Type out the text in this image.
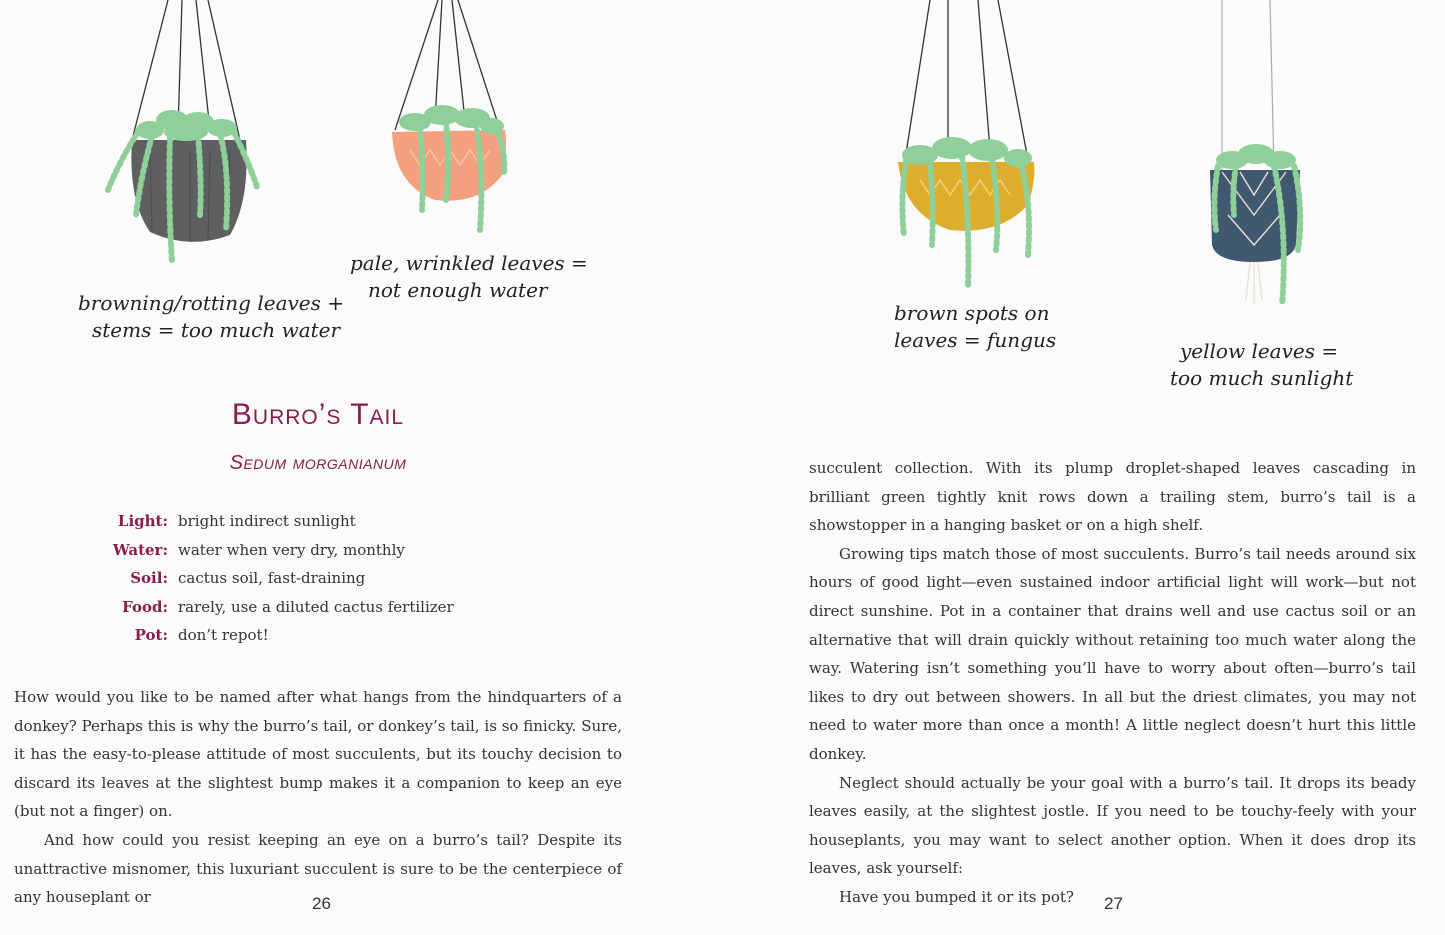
browning/rotting leaves +
stems = too much water
pale, wrinkled leaves =
not enough water
Burro’s Tail
Sedum morganianum
Light: bright indirect sunlight
Water: water when very dry, monthly
Soil: cactus soil, fast-draining
Food: rarely, use a diluted cactus fertilizer
Pot: don’t repot!

How would you like to be named after what hangs from the hindquarters of a donkey? Perhaps this is why the burro’s tail, or donkey’s tail, is so finicky. Sure, it has the easy-to-please attitude of most succulents, but its touchy decision to discard its leaves at the slightest bump makes it a companion to keep an eye (but not a finger) on.

And how could you resist keeping an eye on a burro’s tail? Despite its unattractive misnomer, this luxuriant succulent is sure to be the centerpiece of any houseplant or	26
brown spots on
leaves = fungus	yellow leaves =
too much sunlight

succulent collection. With its plump droplet-shaped leaves cascading in brilliant green tightly knit rows down a trailing stem, burro’s tail is a showstopper in a hanging basket or on a high shelf.

Growing tips match those of most succulents. Burro’s tail needs around six hours of good light—even sustained indoor artificial light will work—but not direct sunshine. Pot in a container that drains well and use cactus soil or an alternative that will drain quickly without retaining too much water along the way. Watering isn’t something you’ll have to worry about often—burro’s tail likes to dry out between showers. In all but the driest climates, you may not need to water more than once a month! A little neglect doesn’t hurt this little donkey.

Neglect should actually be your goal with a burro’s tail. It drops its beady leaves easily, at the slightest jostle. If you need to be touchy-feely with your houseplants, you may want to select another option. When it does drop its leaves, ask yourself:

Have you bumped it or its pot?	27
